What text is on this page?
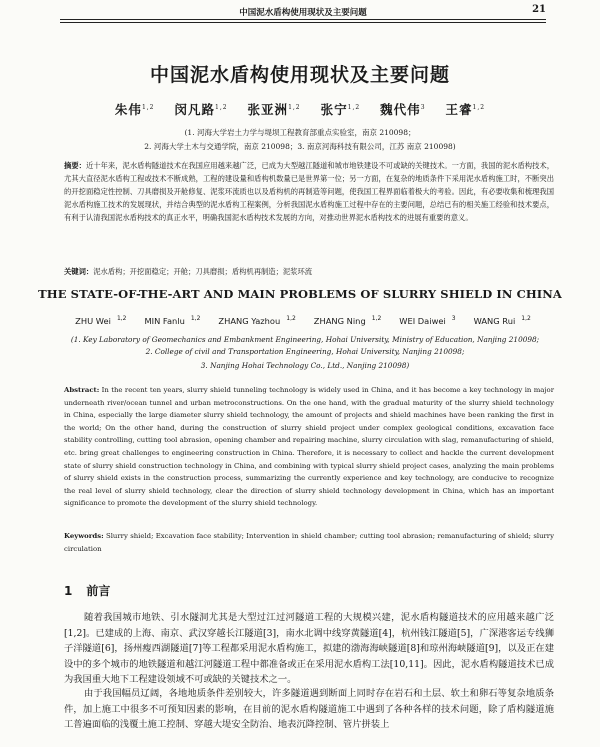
中国泥水盾构使用现状及主要问题	21
中国泥水盾构使用现状及主要问题
朱伟$^{1,2}$ 闵凡路$^{1,2}$ 张亚洲$^{1,2}$ 张宁$^{1,2}$ 魏代伟$^3$ 王睿$^{1,2}$
(1. 河海大学岩土力学与堤坝工程教育部重点实验室，南京 210098；
2. 河海大学土木与交通学院，南京 210098；3. 南京河海科技有限公司，江苏 南京 210098)
摘要：近十年来，泥水盾构隧道技术在我国应用越来越广泛，已成为大型越江隧道和城市地铁建设不可或缺的关键技术。一方面，我国的泥水盾构技术，尤其大直径泥水盾构工程或技术不断成熟，工程的建设量和盾构机数量已是世界第一位；另一方面，在复杂的地质条件下采用泥水盾构施工时，不断突出的开挖面稳定性控制、刀具磨损及开舱修复、泥浆环流质也以及盾构机的再制造等问题，使我国工程界面临着极大的考验。因此，有必要收集和梳理我国泥水盾构施工技术的发展现状，并结合典型的泥水盾构工程案例，分析我国泥水盾构施工过程中存在的主要问题，总结已有的相关施工经验和技术要点，有利于认清我国泥水盾构技术的真正水平，明确我国泥水盾构技术发展的方向，对推动世界泥水盾构技术的进展有重要的意义。
关键词：泥水盾构；开挖面稳定；开舱；刀具磨损；盾构机再制造；泥浆环流
THE STATE-OF-THE-ART AND MAIN PROBLEMS OF SLURRY SHIELD IN CHINA
ZHU Wei $^{1,2}$ MIN Fanlu $^{1,2}$ ZHANG Yazhou $^{1,2}$ ZHANG Ning $^{1,2}$ WEI Daiwei $^3$ WANG Rui $^{1,2}$
(1. Key Laboratory of Geomechanics and Embankment Engineering, Hohai University, Ministry of Education, Nanjing 210098;
2. College of civil and Transportation Engineering, Hohai University, Nanjing 210098;
3. Nanjing Hohai Technology Co., Ltd., Nanjing 210098)
Abstract: In the recent ten years, slurry shield tunneling technology is widely used in China, and it has become a key technology in major underneath river/ocean tunnel and urban metroconstructions. On the one hand, with the gradual maturity of the slurry shield technology in China, especially the large diameter slurry shield technology, the amount of projects and shield machines have been ranking the first in the world; On the other hand, during the construction of slurry shield project under complex geological conditions, excavation face stability controlling, cutting tool abrasion, opening chamber and repairing machine, slurry circulation with slag, remanufacturing of shield, etc. bring great challenges to engineering construction in China. Therefore, it is necessary to collect and hackle the current development state of slurry shield construction technology in China, and combining with typical slurry shield project cases, analyzing the main problems of slurry shield exists in the construction process, summarizing the currently experience and key technology, are conducive to recognize the real level of slurry shield technology, clear the direction of slurry shield technology development in China, which has an important significance to promote the development of the slurry shield technology.
Keywords: Slurry shield; Excavation face stability; Intervention in shield chamber; cutting tool abrasion; remanufacturing of shield; slurry circulation
1 前言
随着我国城市地铁、引水隧洞尤其是大型过江过河隧道工程的大规模兴建，泥水盾构隧道技术的应用越来越广泛[1,2]。已建成的上海、南京、武汉穿越长江隧道[3]，南水北调中线穿黄隧道[4]，杭州钱江隧道[5]，广深港客运专线狮子洋隧道[6]，扬州瘦西湖隧道[7]等工程都采用泥水盾构施工，拟建的渤海海峡隧道[8]和琼州海峡隧道[9]，以及正在建设中的多个城市的地铁隧道和越江河隧道工程中都准备或正在采用泥水盾构工法[10,11]。因此，泥水盾构隧道技术已成为我国重大地下工程建设领域不可或缺的关键技术之一。
由于我国幅员辽阔，各地地质条件差别较大，许多隧道遇到断面上同时存在岩石和土层、软土和卵石等复杂地质条件，加上施工中很多不可预知因素的影响，在目前的泥水盾构隧道施工中遇到了各种各样的技术问题，除了盾构隧道施工普遍面临的浅覆土施工控制、穿越大堤安全防治、地表沉降控制、管片拼装上
